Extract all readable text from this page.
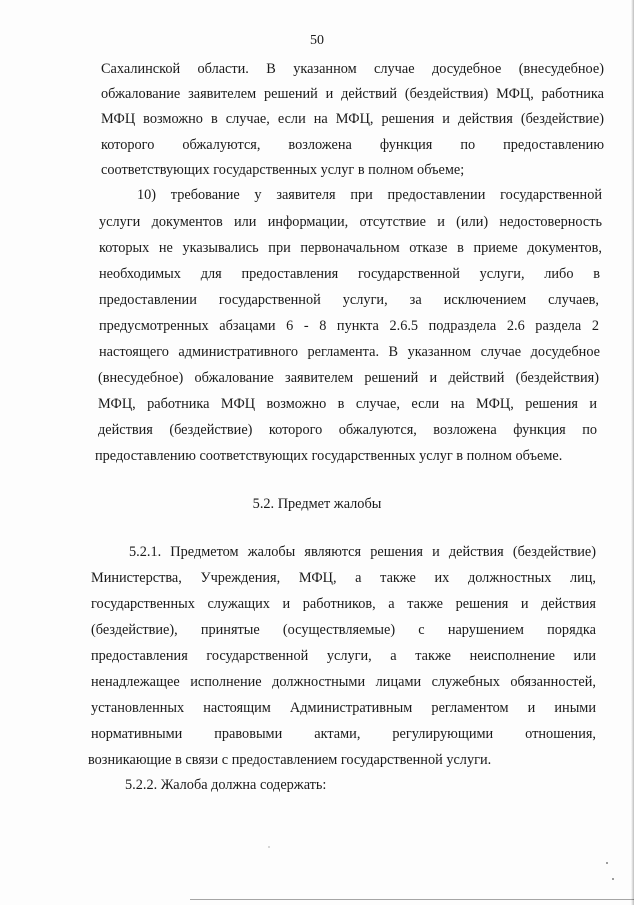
50
Сахалинской области. В указанном случае досудебное (внесудебное)
обжалование заявителем решений и действий (бездействия) МФЦ, работника
МФЦ возможно в случае, если на МФЦ, решения и действия (бездействие)
которого обжалуются, возложена функция по предоставлению
соответствующих государственных услуг в полном объеме;
10) требование у заявителя при предоставлении государственной
услуги документов или информации, отсутствие и (или) недостоверность
которых не указывались при первоначальном отказе в приеме документов,
необходимых для предоставления государственной услуги, либо в
предоставлении государственной услуги, за исключением случаев,
предусмотренных абзацами 6 - 8 пункта 2.6.5 подраздела 2.6 раздела 2
настоящего административного регламента. В указанном случае досудебное
(внесудебное) обжалование заявителем решений и действий (бездействия)
МФЦ, работника МФЦ возможно в случае, если на МФЦ, решения и
действия (бездействие) которого обжалуются, возложена функция по
предоставлению соответствующих государственных услуг в полном объеме.
5.2. Предмет жалобы
5.2.1. Предметом жалобы являются решения и действия (бездействие)
Министерства, Учреждения, МФЦ, а также их должностных лиц,
государственных служащих и работников, а также решения и действия
(бездействие), принятые (осуществляемые) с нарушением порядка
предоставления государственной услуги, а также неисполнение или
ненадлежащее исполнение должностными лицами служебных обязанностей,
установленных настоящим Административным регламентом и иными
нормативными правовыми актами, регулирующими отношения,
возникающие в связи с предоставлением государственной услуги.
5.2.2. Жалоба должна содержать:
